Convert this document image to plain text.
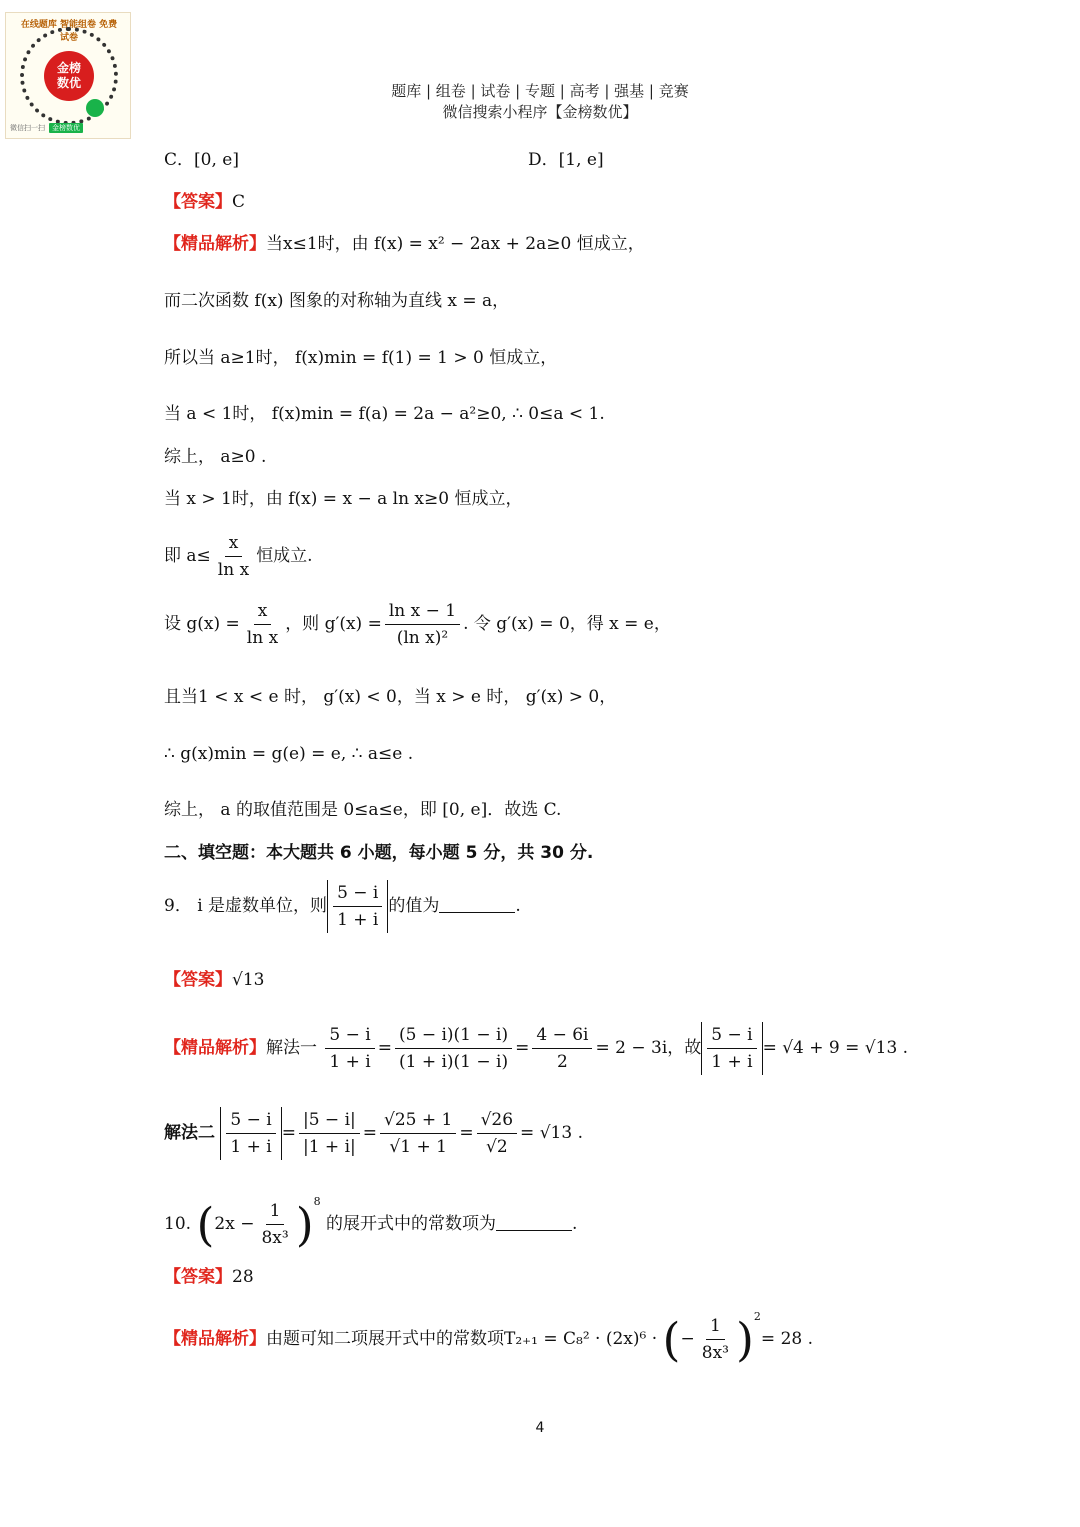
在线题库 智能组卷 免费试卷
金榜数优
微信扫一扫	金榜数优
题库 | 组卷 | 试卷 | 专题 | 高考 | 强基 | 竞赛
微信搜索小程序【金榜数优】
C．[0, e]	D．[1, e]
【答案】C
【精品解析】当x≤1时，由 f(x) = x² − 2ax + 2a≥0 恒成立，
而二次函数 f(x) 图象的对称轴为直线 x = a，
所以当 a≥1时， f(x)min = f(1) = 1 > 0 恒成立，
当 a < 1时， f(x)min = f(a) = 2a − a²≥0, ∴ 0≤a < 1.
综上， a≥0 .
当 x > 1时，由 f(x) = x − a ln x≥0 恒成立，
即 $a\le \frac{x}{\text{ln x}}$ 恒成立.
设 $g(x) = \frac{x}{\text{ln x}}$ ，则 $g'(x) = \frac{\text{ln x − 1}}{\text{(ln x)²}}$ . 令 g′(x) = 0，得 x = e，
且当1 < x < e 时， g′(x) < 0，当 x > e 时， g′(x) > 0，
∴ g(x)min = g(e) = e, ∴ a≤e .
综上， a 的取值范围是 0≤a≤e，即 [0, e]．故选 C.
二、填空题：本大题共 6 小题，每小题 5 分，共 30 分.
9． i 是虚数单位，则 $\frac{5 - i}{1 + i}$ 的值为	.
【答案】√13
【精品解析】解法一 $\frac{5 - i}{1 + i} = \frac{(5 - i)(1 - i)}{(1 + i)(1 - i)} = \frac{4 - 6i}{2} = 2 - 3i$，故 $\frac{5 - i}{1 + i} = √4 + 9 = √13$ .
解法二 $\frac{5 - i}{1 + i} = \frac{|5 - i|}{|1 + i|} = \frac{√25 + 1}{√1 + 1} = \frac{√26}{√2} = √13$ .
10. $(2x - \frac{1}{\text{8x³}} )^8$ 的展开式中的常数项为	.
【答案】28
【精品解析】由题可知二项展开式中的常数项T₂₊₁ = C₈² · (2x)⁶ · (− $\frac{1}{\text{8x³}} )^2= 28$ .
4
